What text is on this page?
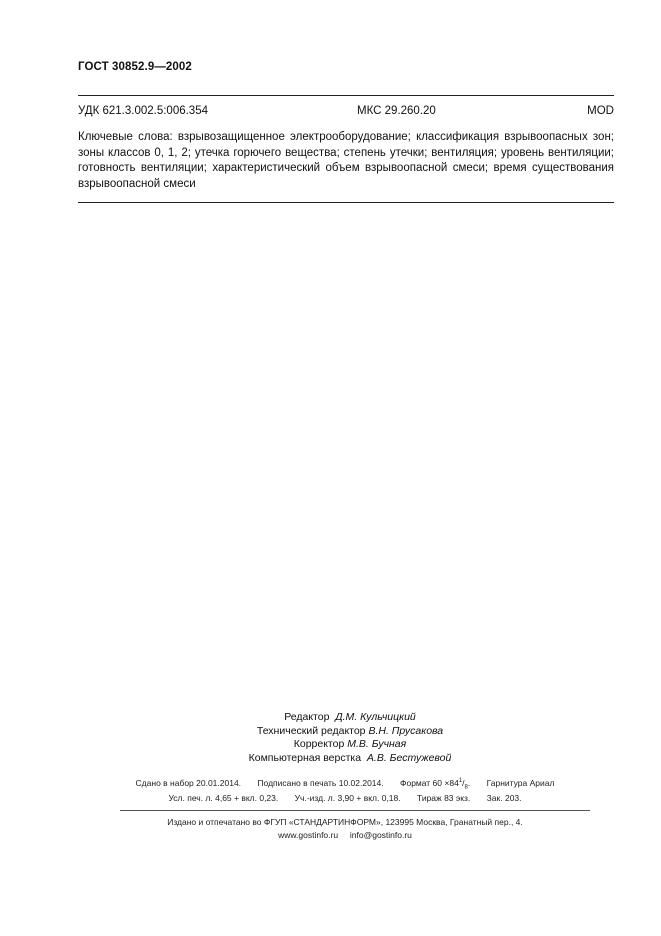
ГОСТ 30852.9—2002
УДК 621.3.002.5:006.354	МКС 29.260.20	MOD
Ключевые слова: взрывозащищенное электрооборудование; классификация взрывоопасных зон; зоны классов 0, 1, 2; утечка горючего вещества; степень утечки; вентиляция; уровень вентиляции; готовность вентиляции; характеристический объем взрывоопасной смеси; время существования взрывоопасной смеси
Редактор Д.М. Кульчицкий
Технический редактор В.Н. Прусакова
Корректор М.В. Бучная
Компьютерная верстка А.В. Бестужевой
Сдано в набор 20.01.2014. Подписано в печать 10.02.2014. Формат $60 \times 84^1/_8$. Гарнитура Ариал
Усл. печ. л. 4,65 + вкл. 0,23. Уч.-изд. л. 3,90 + вкл. 0,18. Тираж 83 экз. Зак. 203.
Издано и отпечатано во ФГУП «СТАНДАРТИНФОРМ», 123995 Москва, Гранатный пер., 4.
www.gostinfo.ru info@gostinfo.ru
